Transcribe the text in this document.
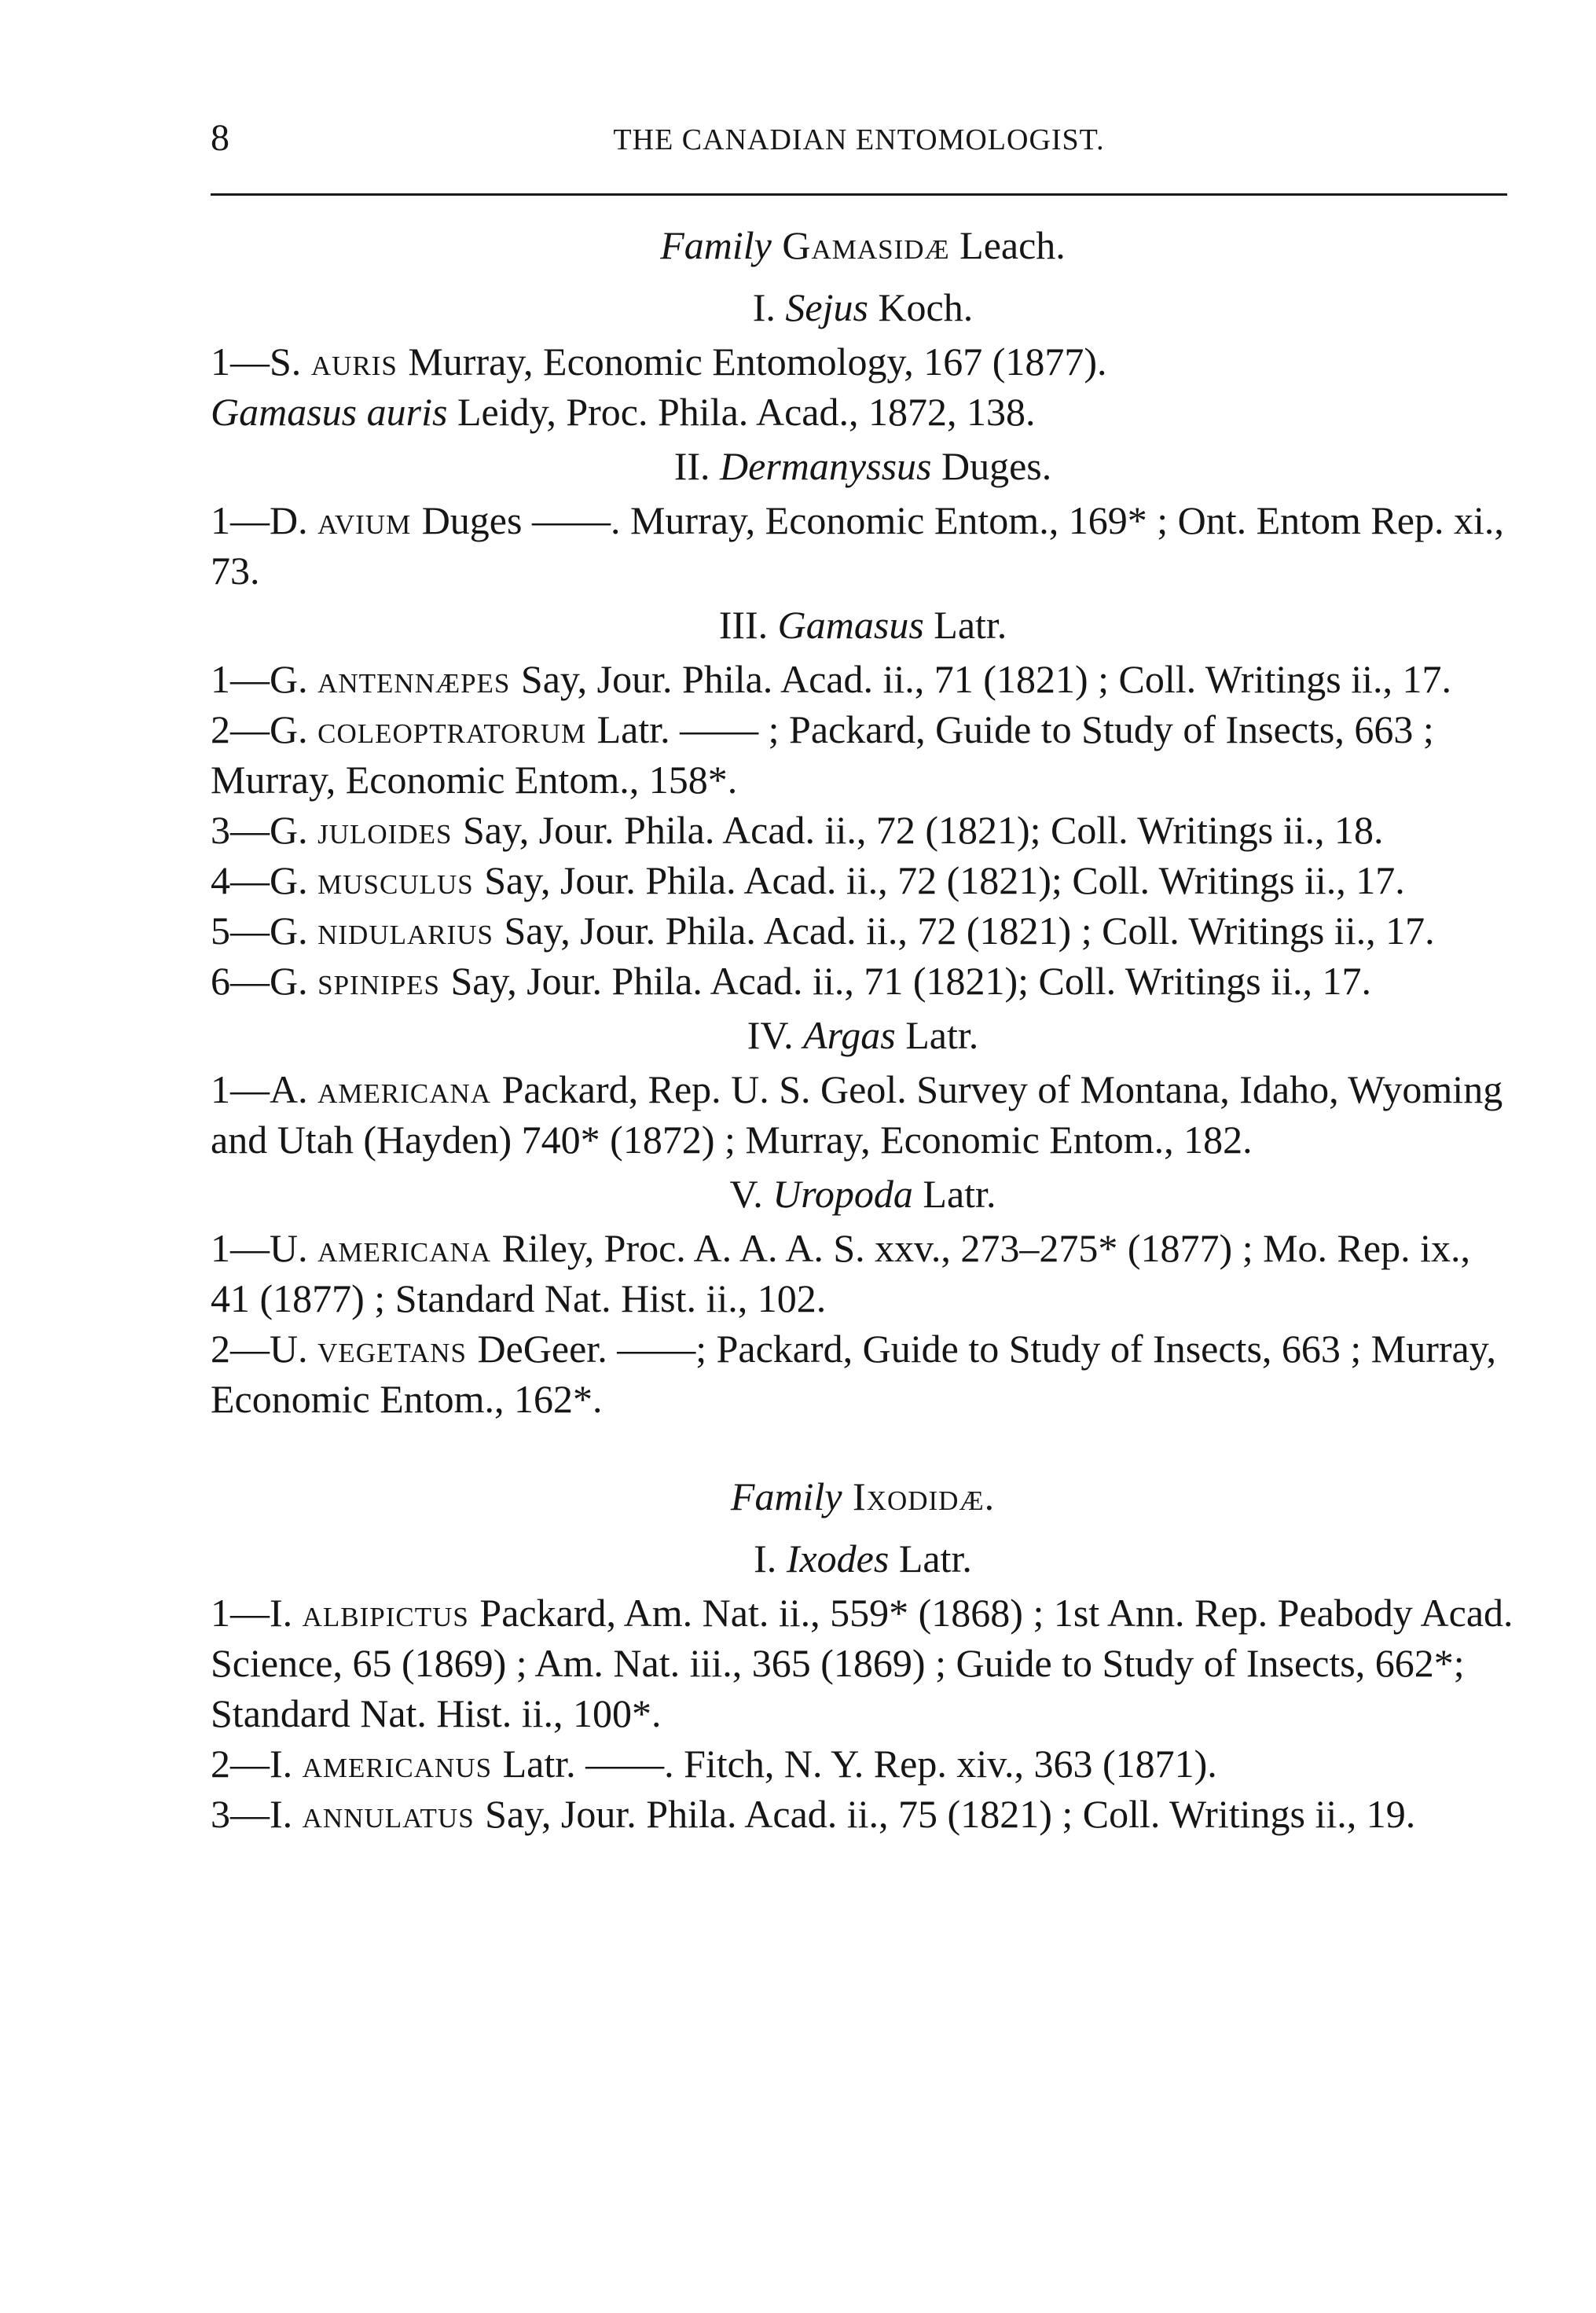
8	THE CANADIAN ENTOMOLOGIST.
Family Gamasidæ Leach.
I. Sejus Koch.
1—S. auris Murray, Economic Entomology, 167 (1877).
Gamasus auris Leidy, Proc. Phila. Acad., 1872, 138.
II. Dermanyssus Duges.
1—D. avium Duges ——. Murray, Economic Entom., 169* ; Ont. Entom Rep. xi., 73.
III. Gamasus Latr.
1—G. antennæpes Say, Jour. Phila. Acad. ii., 71 (1821) ; Coll. Writings ii., 17.
2—G. coleoptratorum Latr. —— ; Packard, Guide to Study of Insects, 663 ; Murray, Economic Entom., 158*.
3—G. juloides Say, Jour. Phila. Acad. ii., 72 (1821); Coll. Writings ii., 18.
4—G. musculus Say, Jour. Phila. Acad. ii., 72 (1821); Coll. Writings ii., 17.
5—G. nidularius Say, Jour. Phila. Acad. ii., 72 (1821) ; Coll. Writings ii., 17.
6—G. spinipes Say, Jour. Phila. Acad. ii., 71 (1821); Coll. Writings ii., 17.
IV. Argas Latr.
1—A. americana Packard, Rep. U. S. Geol. Survey of Montana, Idaho, Wyoming and Utah (Hayden) 740* (1872) ; Murray, Economic Entom., 182.
V. Uropoda Latr.
1—U. americana Riley, Proc. A. A. A. S. xxv., 273–275* (1877) ; Mo. Rep. ix., 41 (1877) ; Standard Nat. Hist. ii., 102.
2—U. vegetans DeGeer. ——; Packard, Guide to Study of Insects, 663 ; Murray, Economic Entom., 162*.
Family Ixodidæ.
I. Ixodes Latr.
1—I. albipictus Packard, Am. Nat. ii., 559* (1868) ; 1st Ann. Rep. Peabody Acad. Science, 65 (1869) ; Am. Nat. iii., 365 (1869) ; Guide to Study of Insects, 662*; Standard Nat. Hist. ii., 100*.
2—I. americanus Latr. ——. Fitch, N. Y. Rep. xiv., 363 (1871).
3—I. annulatus Say, Jour. Phila. Acad. ii., 75 (1821) ; Coll. Writings ii., 19.
